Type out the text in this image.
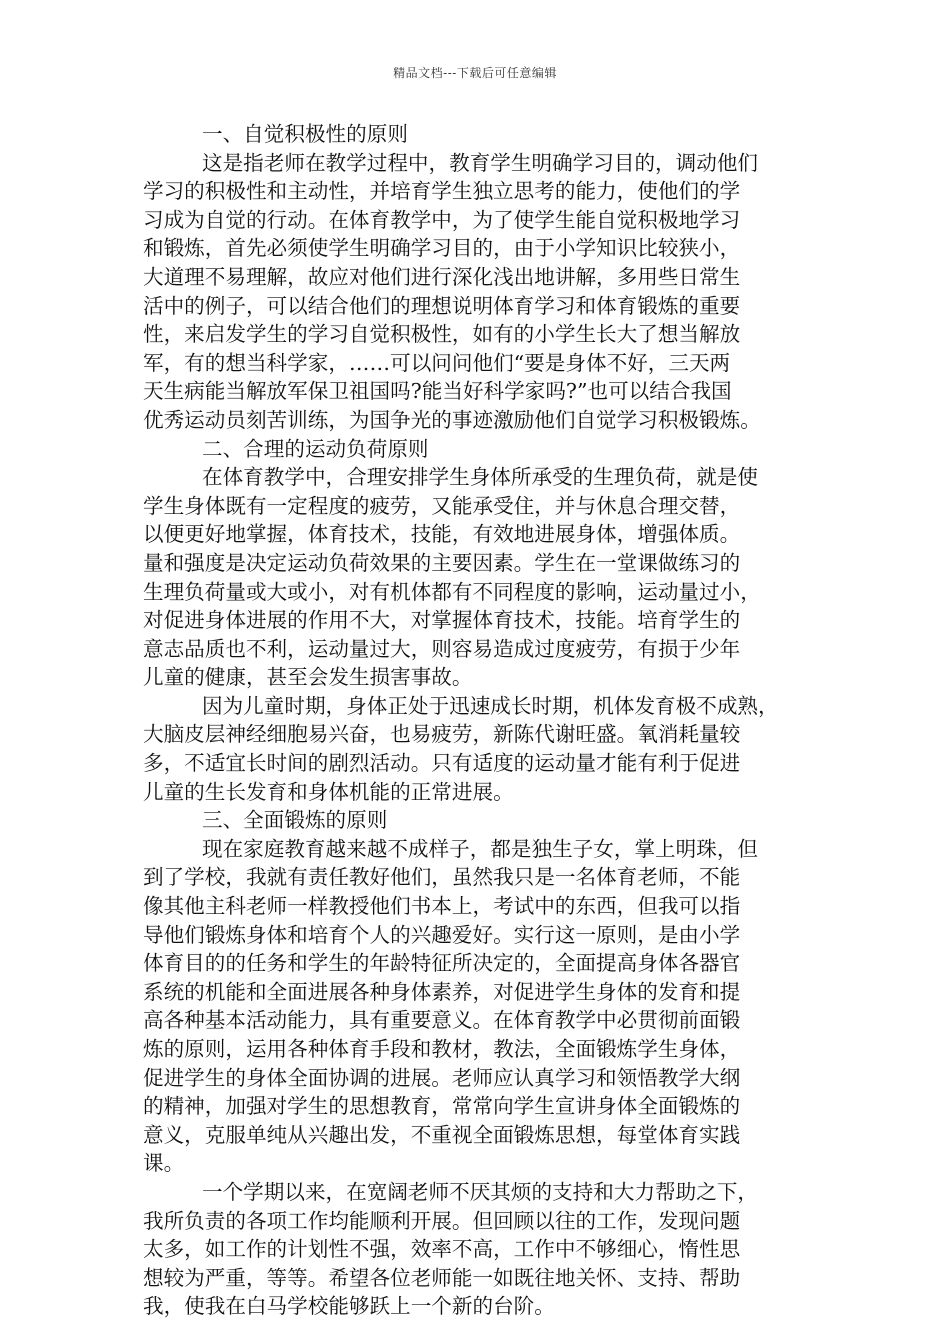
精品文档---下载后可任意编辑
一、自觉积极性的原则
这是指老师在教学过程中，教育学生明确学习目的，调动他们
学习的积极性和主动性，并培育学生独立思考的能力，使他们的学
习成为自觉的行动。在体育教学中，为了使学生能自觉积极地学习
和锻炼，首先必须使学生明确学习目的，由于小学知识比较狭小，
大道理不易理解，故应对他们进行深化浅出地讲解，多用些日常生
活中的例子，可以结合他们的理想说明体育学习和体育锻炼的重要
性，来启发学生的学习自觉积极性，如有的小学生长大了想当解放
军，有的想当科学家，……可以问问他们“要是身体不好，三天两
天生病能当解放军保卫祖国吗?能当好科学家吗?”也可以结合我国
优秀运动员刻苦训练，为国争光的事迹激励他们自觉学习积极锻炼。
二、合理的运动负荷原则
在体育教学中，合理安排学生身体所承受的生理负荷，就是使
学生身体既有一定程度的疲劳，又能承受住，并与休息合理交替，
以便更好地掌握，体育技术，技能，有效地进展身体，增强体质。
量和强度是决定运动负荷效果的主要因素。学生在一堂课做练习的
生理负荷量或大或小，对有机体都有不同程度的影响，运动量过小，
对促进身体进展的作用不大，对掌握体育技术，技能。培育学生的
意志品质也不利，运动量过大，则容易造成过度疲劳，有损于少年
儿童的健康，甚至会发生损害事故。
因为儿童时期，身体正处于迅速成长时期，机体发育极不成熟，
大脑皮层神经细胞易兴奋，也易疲劳，新陈代谢旺盛。氧消耗量较
多，不适宜长时间的剧烈活动。只有适度的运动量才能有利于促进
儿童的生长发育和身体机能的正常进展。
三、全面锻炼的原则
现在家庭教育越来越不成样子，都是独生子女，掌上明珠，但
到了学校，我就有责任教好他们，虽然我只是一名体育老师，不能
像其他主科老师一样教授他们书本上，考试中的东西，但我可以指
导他们锻炼身体和培育个人的兴趣爱好。实行这一原则，是由小学
体育目的的任务和学生的年龄特征所决定的，全面提高身体各器官
系统的机能和全面进展各种身体素养，对促进学生身体的发育和提
高各种基本活动能力，具有重要意义。在体育教学中必贯彻前面锻
炼的原则，运用各种体育手段和教材，教法，全面锻炼学生身体，
促进学生的身体全面协调的进展。老师应认真学习和领悟教学大纲
的精神，加强对学生的思想教育，常常向学生宣讲身体全面锻炼的
意义，克服单纯从兴趣出发，不重视全面锻炼思想，每堂体育实践
课。
一个学期以来，在宽阔老师不厌其烦的支持和大力帮助之下，
我所负责的各项工作均能顺利开展。但回顾以往的工作，发现问题
太多，如工作的计划性不强，效率不高，工作中不够细心，惰性思
想较为严重，等等。希望各位老师能一如既往地关怀、支持、帮助
我，使我在白马学校能够跃上一个新的台阶。
